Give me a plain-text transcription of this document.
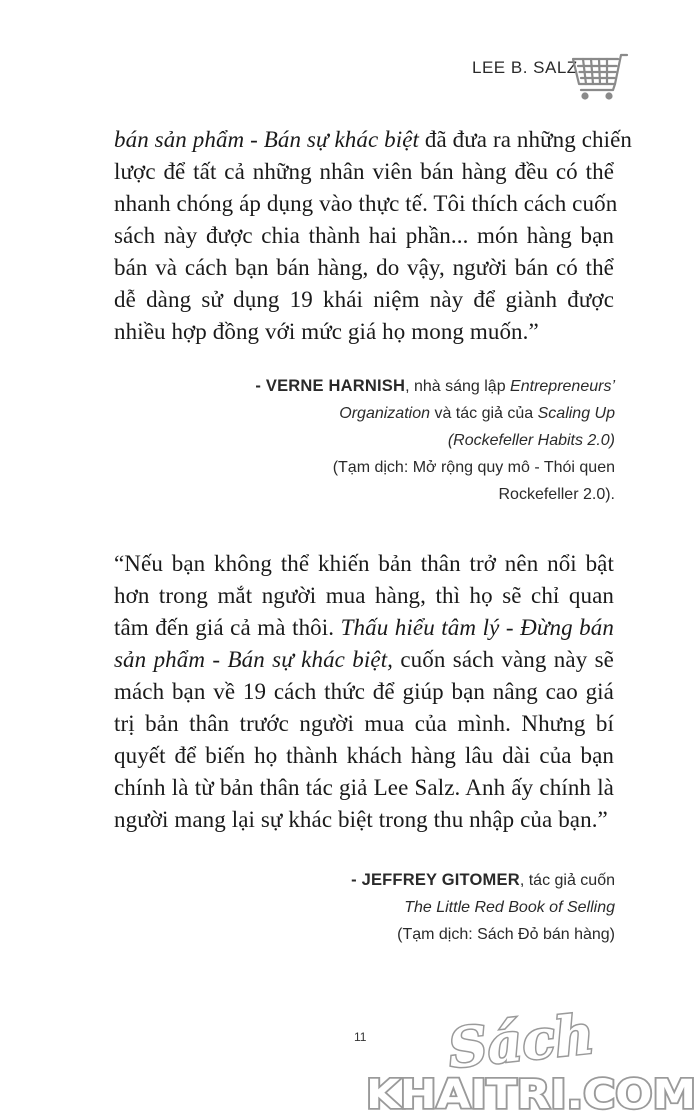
LEE B. SALZ
bán sản phẩm - Bán sự khác biệt đã đưa ra những chiến
lược để tất cả những nhân viên bán hàng đều có thể
nhanh chóng áp dụng vào thực tế. Tôi thích cách cuốn
sách này được chia thành hai phần... món hàng bạn
bán và cách bạn bán hàng, do vậy, người bán có thể
dễ dàng sử dụng 19 khái niệm này để giành được
nhiều hợp đồng với mức giá họ mong muốn.”
- VERNE HARNISH, nhà sáng lập Entrepreneurs’
Organization và tác giả của Scaling Up
(Rockefeller Habits 2.0)
(Tạm dịch: Mở rộng quy mô - Thói quen
Rockefeller 2.0).
“Nếu bạn không thể khiến bản thân trở nên nổi bật
hơn trong mắt người mua hàng, thì họ sẽ chỉ quan
tâm đến giá cả mà thôi. Thấu hiểu tâm lý - Đừng bán
sản phẩm - Bán sự khác biệt, cuốn sách vàng này sẽ
mách bạn về 19 cách thức để giúp bạn nâng cao giá
trị bản thân trước người mua của mình. Nhưng bí
quyết để biến họ thành khách hàng lâu dài của bạn
chính là từ bản thân tác giả Lee Salz. Anh ấy chính là
người mang lại sự khác biệt trong thu nhập của bạn.”
- JEFFREY GITOMER, tác giả cuốn
The Little Red Book of Selling
(Tạm dịch: Sách Đỏ bán hàng)
11 Sách
KHAITRI.COM
